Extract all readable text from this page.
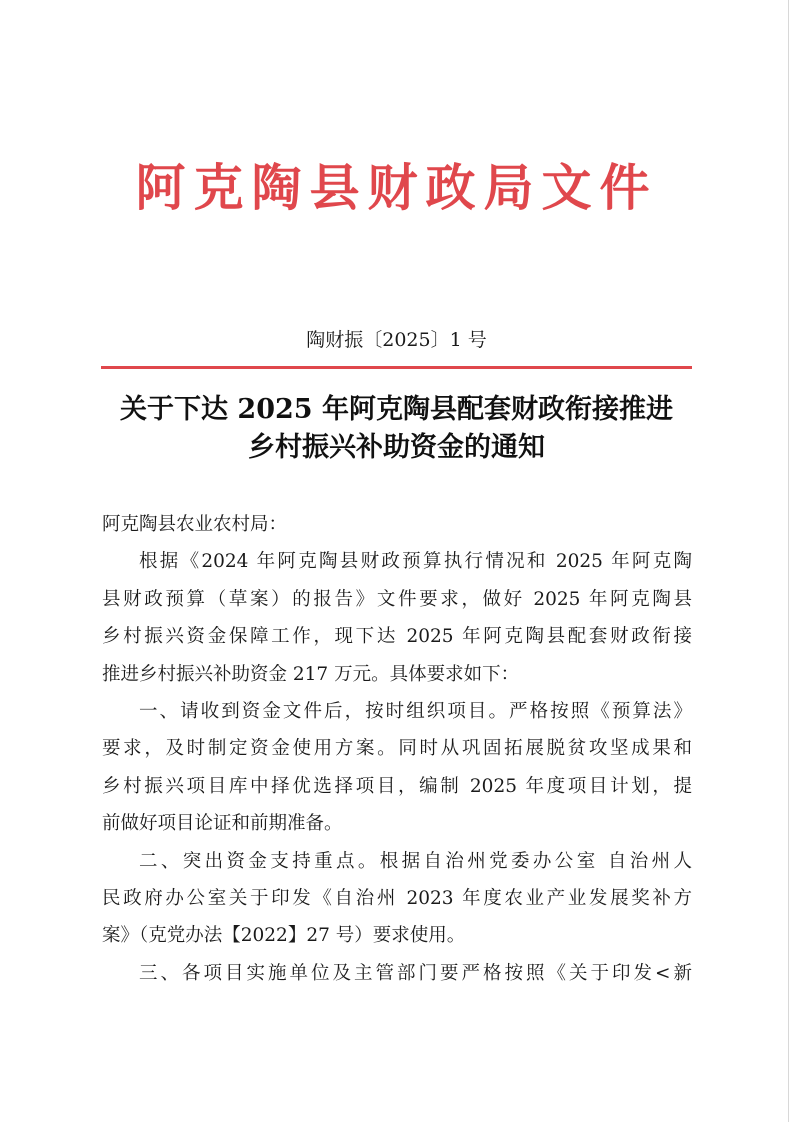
阿克陶县财政局文件
陶财振〔2025〕1 号
关于下达 2025 年阿克陶县配套财政衔接推进
乡村振兴补助资金的通知
阿克陶县农业农村局：
根据《2024 年阿克陶县财政预算执行情况和 2025 年阿克陶
县财政预算（草案）的报告》文件要求，做好 2025 年阿克陶县
乡村振兴资金保障工作，现下达 2025 年阿克陶县配套财政衔接
推进乡村振兴补助资金 217 万元。具体要求如下：
一、请收到资金文件后，按时组织项目。严格按照《预算法》
要求，及时制定资金使用方案。同时从巩固拓展脱贫攻坚成果和
乡村振兴项目库中择优选择项目，编制 2025 年度项目计划，提
前做好项目论证和前期准备。
二、突出资金支持重点。根据自治州党委办公室 自治州人
民政府办公室关于印发《自治州 2023 年度农业产业发展奖补方
案》（克党办法【2022】27 号）要求使用。
三、各项目实施单位及主管部门要严格按照《关于印发<新
